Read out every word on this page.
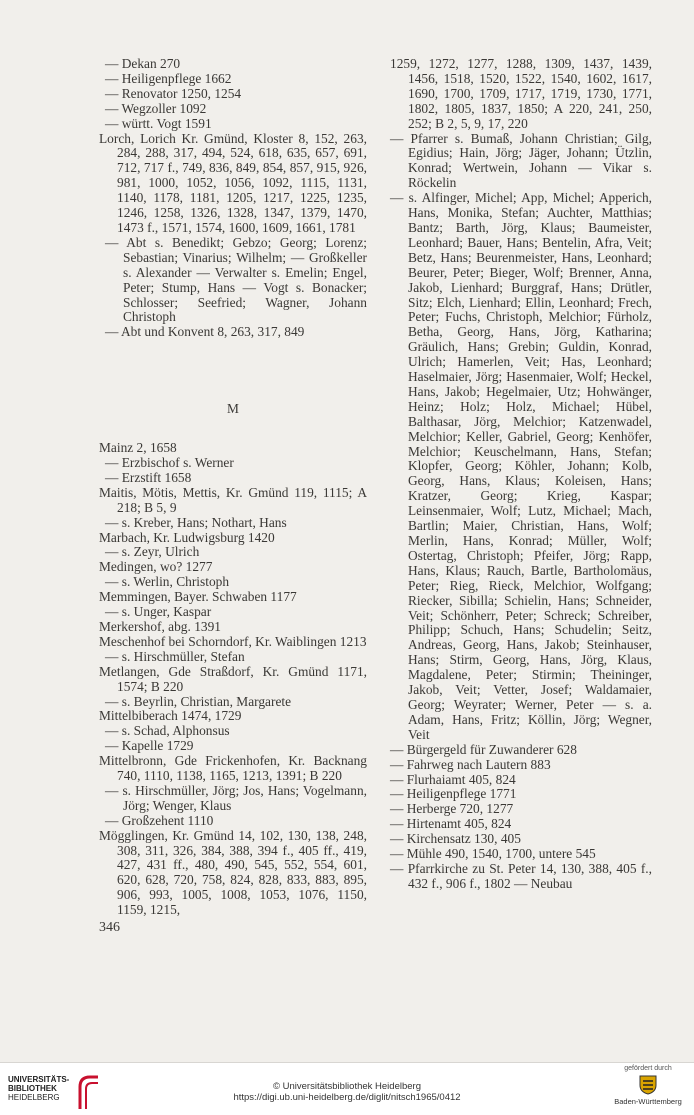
— Dekan 270

— Heiligenpflege 1662

— Renovator 1250, 1254

— Wegzoller 1092

— württ. Vogt 1591

Lorch, Lorich Kr. Gmünd, Kloster 8, 152, 263, 284, 288, 317, 494, 524, 618, 635, 657, 691, 712, 717 f., 749, 836, 849, 854, 857, 915, 926, 981, 1000, 1052, 1056, 1092, 1115, 1131, 1140, 1178, 1181, 1205, 1217, 1225, 1235, 1246, 1258, 1326, 1328, 1347, 1379, 1470, 1473 f., 1571, 1574, 1600, 1609, 1661, 1781

— Abt s. Benedikt; Gebzo; Georg; Lorenz; Sebastian; Vinarius; Wilhelm; — Großkeller s. Alexander — Verwalter s. Emelin; Engel, Peter; Stump, Hans — Vogt s. Bonacker; Schlosser; Seefried; Wagner, Johann Christoph

— Abt und Konvent 8, 263, 317, 849

M

Mainz 2, 1658

— Erzbischof s. Werner

— Erzstift 1658

Maitis, Mötis, Mettis, Kr. Gmünd 119, 1115; A 218; B 5, 9

— s. Kreber, Hans; Nothart, Hans

Marbach, Kr. Ludwigsburg 1420

— s. Zeyr, Ulrich

Medingen, wo? 1277

— s. Werlin, Christoph

Memmingen, Bayer. Schwaben 1177

— s. Unger, Kaspar

Merkershof, abg. 1391

Meschenhof bei Schorndorf, Kr. Waiblingen 1213

— s. Hirschmüller, Stefan

Metlangen, Gde Straßdorf, Kr. Gmünd 1171, 1574; B 220

— s. Beyrlin, Christian, Margarete

Mittelbiberach 1474, 1729

— s. Schad, Alphonsus

— Kapelle 1729

Mittelbronn, Gde Frickenhofen, Kr. Backnang 740, 1110, 1138, 1165, 1213, 1391; B 220

— s. Hirschmüller, Jörg; Jos, Hans; Vogelmann, Jörg; Wenger, Klaus

— Großzehent 1110

Mögglingen, Kr. Gmünd 14, 102, 130, 138, 248, 308, 311, 326, 384, 388, 394 f., 405 ff., 419, 427, 431 ff., 480, 490, 545, 552, 554, 601, 620, 628, 720, 758, 824, 828, 833, 883, 895, 906, 993, 1005, 1008, 1053, 1076, 1150, 1159, 1215,

1259, 1272, 1277, 1288, 1309, 1437, 1439, 1456, 1518, 1520, 1522, 1540, 1602, 1617, 1690, 1700, 1709, 1717, 1719, 1730, 1771, 1802, 1805, 1837, 1850; A 220, 241, 250, 252; B 2, 5, 9, 17, 220

— Pfarrer s. Bumaß, Johann Christian; Gilg, Egidius; Hain, Jörg; Jäger, Johann; Ützlin, Konrad; Wertwein, Johann — Vikar s. Röckelin

— s. Alfinger, Michel; App, Michel; Apperich, Hans, Monika, Stefan; Auchter, Matthias; Bantz; Barth, Jörg, Klaus; Baumeister, Leonhard; Bauer, Hans; Bentelin, Afra, Veit; Betz, Hans; Beurenmeister, Hans, Leonhard; Beurer, Peter; Bieger, Wolf; Brenner, Anna, Jakob, Lienhard; Burggraf, Hans; Drütler, Sitz; Elch, Lienhard; Ellin, Leonhard; Frech, Peter; Fuchs, Christoph, Melchior; Fürholz, Betha, Georg, Hans, Jörg, Katharina; Gräulich, Hans; Grebin; Guldin, Konrad, Ulrich; Hamerlen, Veit; Has, Leonhard; Haselmaier, Jörg; Hasenmaier, Wolf; Heckel, Hans, Jakob; Hegelmaier, Utz; Hohwänger, Heinz; Holz; Holz, Michael; Hübel, Balthasar, Jörg, Melchior; Katzenwadel, Melchior; Keller, Gabriel, Georg; Kenhöfer, Melchior; Keuschelmann, Hans, Stefan; Klopfer, Georg; Köhler, Johann; Kolb, Georg, Hans, Klaus; Koleisen, Hans; Kratzer, Georg; Krieg, Kaspar; Leinsenmaier, Wolf; Lutz, Michael; Mach, Bartlin; Maier, Christian, Hans, Wolf; Merlin, Hans, Konrad; Müller, Wolf; Ostertag, Christoph; Pfeifer, Jörg; Rapp, Hans, Klaus; Rauch, Bartle, Bartholomäus, Peter; Rieg, Rieck, Melchior, Wolfgang; Riecker, Sibilla; Schielin, Hans; Schneider, Veit; Schönherr, Peter; Schreck; Schreiber, Philipp; Schuch, Hans; Schudelin; Seitz, Andreas, Georg, Hans, Jakob; Steinhauser, Hans; Stirm, Georg, Hans, Jörg, Klaus, Magdalene, Peter; Stirmin; Theininger, Jakob, Veit; Vetter, Josef; Waldamaier, Georg; Weyrater; Werner, Peter — s. a. Adam, Hans, Fritz; Köllin, Jörg; Wegner, Veit

— Bürgergeld für Zuwanderer 628

— Fahrweg nach Lautern 883

— Flurhaiamt 405, 824

— Heiligenpflege 1771

— Herberge 720, 1277

— Hirtenamt 405, 824

— Kirchensatz 130, 405

— Mühle 490, 1540, 1700, untere 545

— Pfarrkirche zu St. Peter 14, 130, 388, 405 f., 432 f., 906 f., 1802 — Neubau

346
UNIVERSITÄTS-
BIBLIOTHEK
HEIDELBERG
© Universitätsbibliothek Heidelberg
https://digi.ub.uni-heidelberg.de/diglit/nitsch1965/0412
gefördert durch
Baden-Württemberg
